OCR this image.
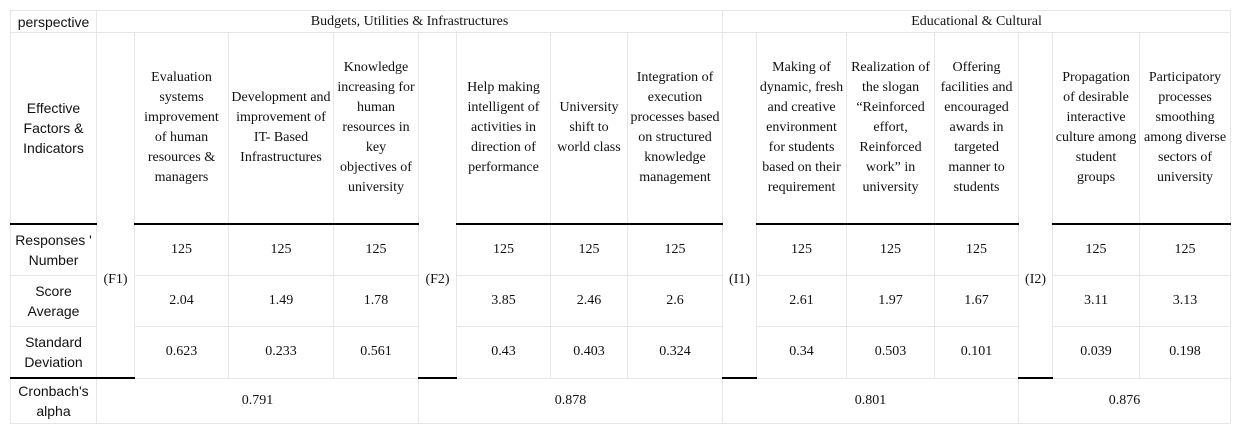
perspective	Budgets, Utilities & Infrastructures								Educational & Cultural						
Effective Factors & Indicators	(F1)	Evaluation systems improvement of human resources & managers	Development and improvement of IT- Based Infrastructures	Knowledge increasing for human resources in key objectives of university	(F2)	Help making intelligent of activities in direction of performance	University shift to world class	Integration of execution processes based on structured knowledge management	(I1)	Making of dynamic, fresh and creative environment for students based on their requirement	Realization of the slogan “Reinforced effort, Reinforced work” in university	Offering facilities and encouraged awards in targeted manner to students	(I2)	Propagation of desirable interactive culture among student groups	Participatory processes smoothing among diverse sectors of university
Responses ' Number		125	125	125		125	125	125		125	125	125		125	125
Score Average		2.04	1.49	1.78		3.85	2.46	2.6		2.61	1.97	1.67		3.11	3.13
Standard Deviation		0.623	0.233	0.561		0.43	0.403	0.324		0.34	0.503	0.101		0.039	0.198
Cronbach's alpha	0.791				0.878				0.801				0.876		
